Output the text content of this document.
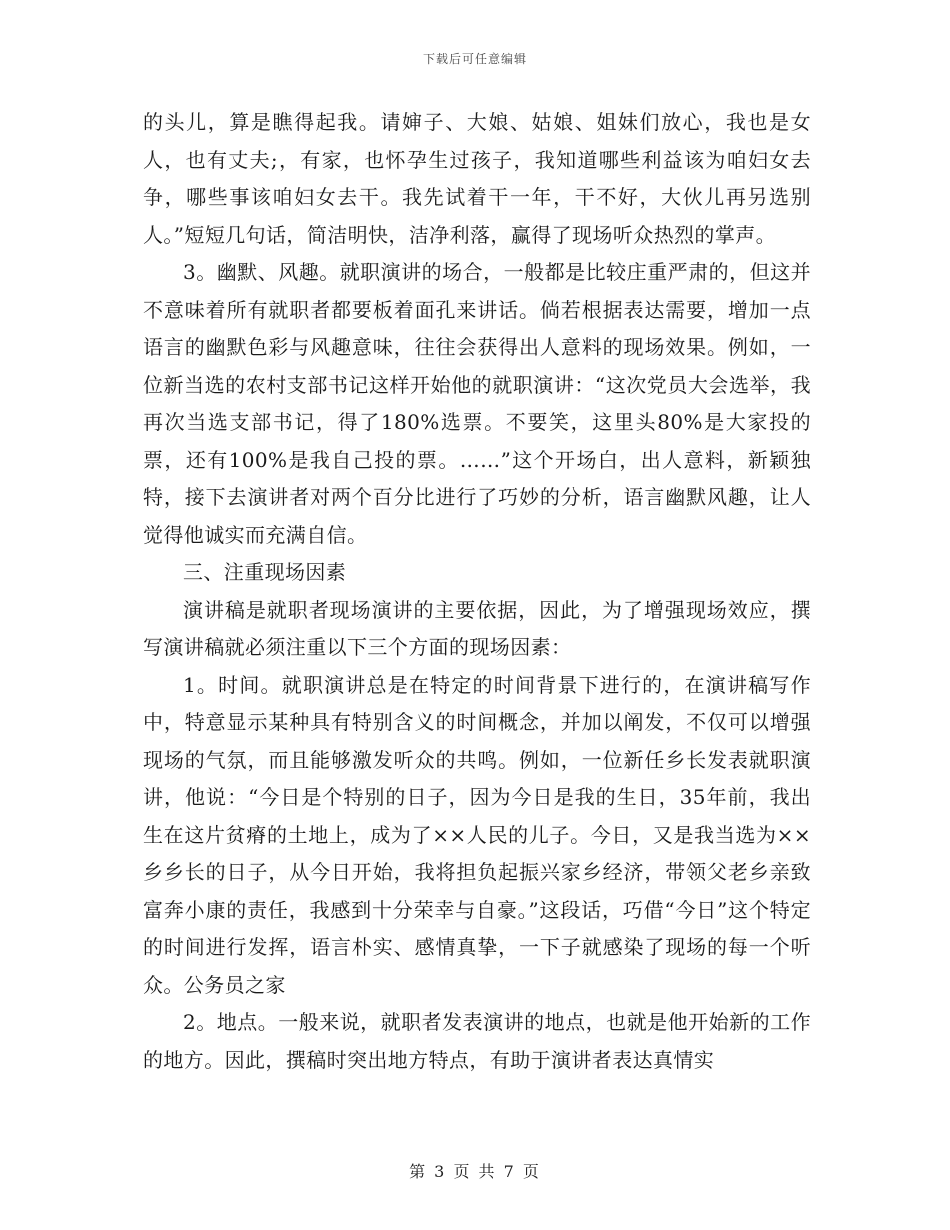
下载后可任意编辑

的头儿，算是瞧得起我。请婶子、大娘、姑娘、姐妹们放心，我也是女人，也有丈夫;，有家，也怀孕生过孩子，我知道哪些利益该为咱妇女去争，哪些事该咱妇女去干。我先试着干一年，干不好，大伙儿再另选别人。”短短几句话，简洁明快，洁净利落，赢得了现场听众热烈的掌声。

3。幽默、风趣。就职演讲的场合，一般都是比较庄重严肃的，但这并不意味着所有就职者都要板着面孔来讲话。倘若根据表达需要，增加一点语言的幽默色彩与风趣意味，往往会获得出人意料的现场效果。例如，一位新当选的农村支部书记这样开始他的就职演讲：“这次党员大会选举，我再次当选支部书记，得了180%选票。不要笑，这里头80%是大家投的票，还有100%是我自己投的票。……”这个开场白，出人意料，新颖独特，接下去演讲者对两个百分比进行了巧妙的分析，语言幽默风趣，让人觉得他诚实而充满自信。

三、注重现场因素

演讲稿是就职者现场演讲的主要依据，因此，为了增强现场效应，撰写演讲稿就必须注重以下三个方面的现场因素：

1。时间。就职演讲总是在特定的时间背景下进行的，在演讲稿写作中，特意显示某种具有特别含义的时间概念，并加以阐发，不仅可以增强现场的气氛，而且能够激发听众的共鸣。例如，一位新任乡长发表就职演讲，他说：“今日是个特别的日子，因为今日是我的生日，35年前，我出生在这片贫瘠的土地上，成为了××人民的儿子。今日，又是我当选为××乡乡长的日子，从今日开始，我将担负起振兴家乡经济，带领父老乡亲致富奔小康的责任，我感到十分荣幸与自豪。”这段话，巧借“今日”这个特定的时间进行发挥，语言朴实、感情真挚，一下子就感染了现场的每一个听众。公务员之家

2。地点。一般来说，就职者发表演讲的地点，也就是他开始新的工作的地方。因此，撰稿时突出地方特点，有助于演讲者表达真情实

第 3 页 共 7 页
